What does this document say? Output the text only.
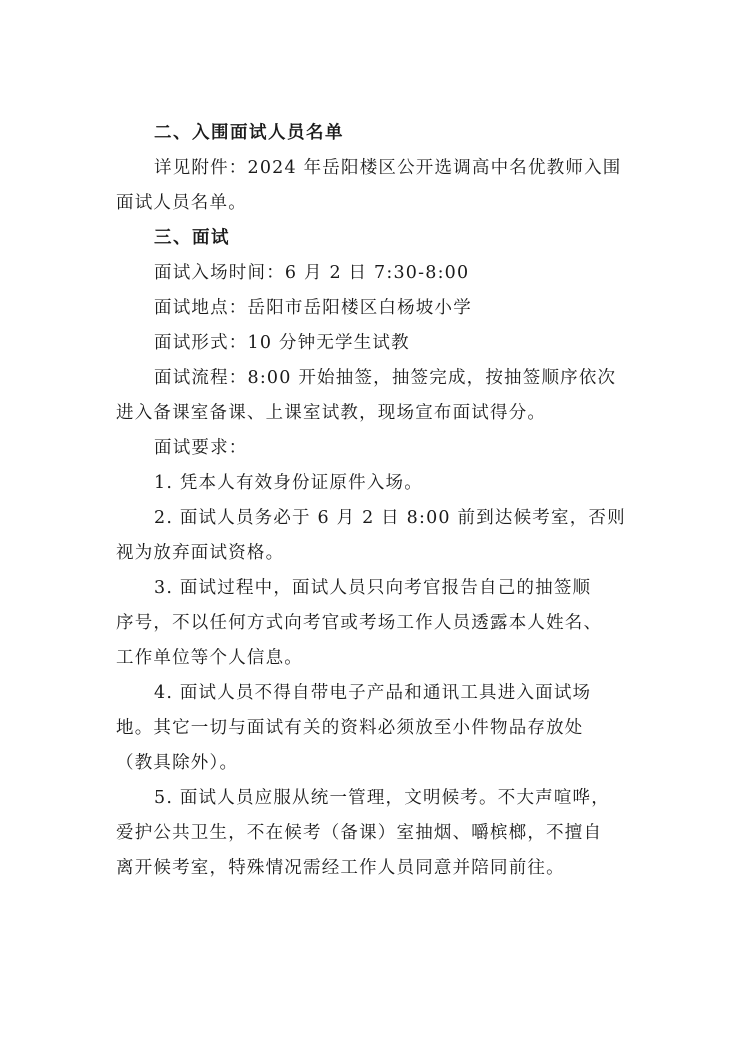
二、入围面试人员名单
详见附件：2024 年岳阳楼区公开选调高中名优教师入围
面试人员名单。
三、面试
面试入场时间：6 月 2 日 7:30-8:00
面试地点：岳阳市岳阳楼区白杨坡小学
面试形式：10 分钟无学生试教
面试流程：8:00 开始抽签，抽签完成，按抽签顺序依次
进入备课室备课、上课室试教，现场宣布面试得分。
面试要求：
1. 凭本人有效身份证原件入场。
2. 面试人员务必于 6 月 2 日 8:00 前到达候考室，否则
视为放弃面试资格。
3. 面试过程中，面试人员只向考官报告自己的抽签顺
序号，不以任何方式向考官或考场工作人员透露本人姓名、
工作单位等个人信息。
4. 面试人员不得自带电子产品和通讯工具进入面试场
地。其它一切与面试有关的资料必须放至小件物品存放处
（教具除外）。
5. 面试人员应服从统一管理，文明候考。不大声喧哗，
爱护公共卫生，不在候考（备课）室抽烟、嚼槟榔，不擅自
离开候考室，特殊情况需经工作人员同意并陪同前往。
